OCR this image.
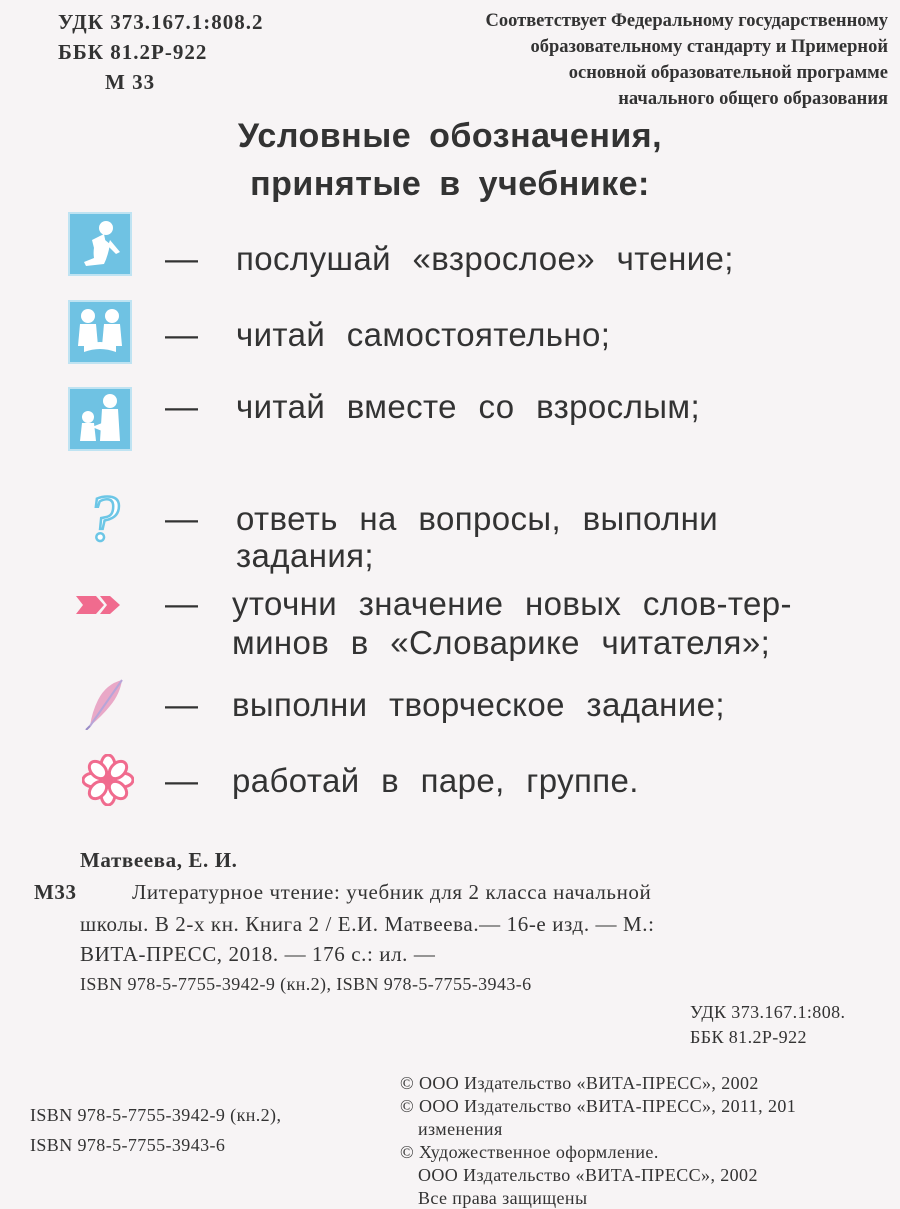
УДК 373.167.1:808.2
ББК 81.2Р-922
М 33
Соответствует Федеральному государственному
образовательному стандарту и Примерной
основной образовательной программе
начального общего образования
Условные обозначения,
принятые в учебнике:
— послушай «взрослое» чтение;
— читай самостоятельно;
— читай вместе со взрослым;
? — ответь на вопросы, выполни
задания;
— уточни значение новых слов-тер-
минов в «Словарике читателя»;
— выполни творческое задание;
— работай в паре, группе.
Матвеева, Е. И.
М33	Литературное чтение: учебник для 2 класса начальной
школы. В 2-х кн. Книга 2 / Е.И. Матвеева.— 16-е изд. — М.:
ВИТА-ПРЕСС, 2018. — 176 с.: ил. —
ISBN 978-5-7755-3942-9 (кн.2), ISBN 978-5-7755-3943-6
УДК 373.167.1:808.
ББК 81.2Р-922
ISBN 978-5-7755-3942-9 (кн.2),
ISBN 978-5-7755-3943-6
© ООО Издательство «ВИТА-ПРЕСС», 2002
© ООО Издательство «ВИТА-ПРЕСС», 2011, 201
изменения
© Художественное оформление.
ООО Издательство «ВИТА-ПРЕСС», 2002
Все права защищены
